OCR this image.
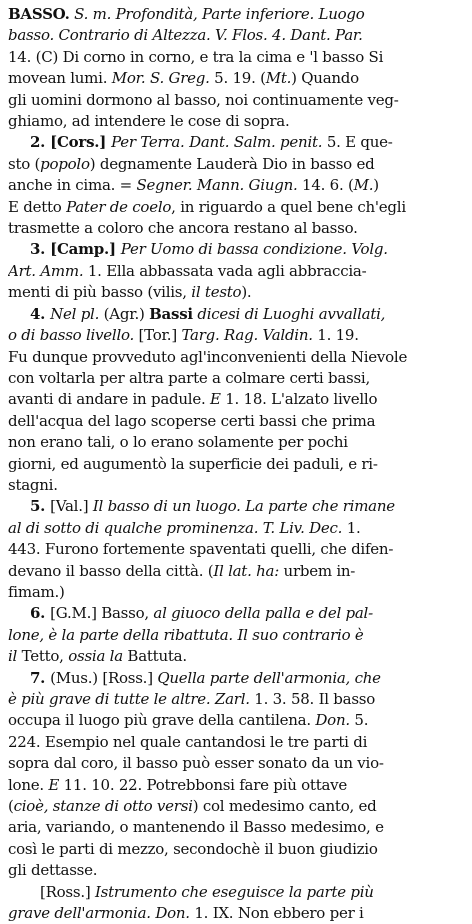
BASSO. S. m. Profondità, Parte inferiore. Luogo
basso. Contrario di Altezza. V. Flos. 4. Dant. Par.
14. (C) Di corno in corno, e tra la cima e 'l basso Si
movean lumi. Mor. S. Greg. 5. 19. (Mt.) Quando
gli uomini dormono al basso, noi continuamente veg-
ghiamo, ad intendere le cose di sopra.
2. [Cors.] Per Terra. Dant. Salm. penit. 5. E que-
sto (popolo) degnamente Lauderà Dio in basso ed
anche in cima. = Segner. Mann. Giugn. 14. 6. (M.)
E detto Pater de coelo, in riguardo a quel bene ch'egli
trasmette a coloro che ancora restano al basso.
3. [Camp.] Per Uomo di bassa condizione. Volg.
Art. Amm. 1. Ella abbassata vada agli abbraccia-
menti di più basso (vilis, il testo).
4. Nel pl. (Agr.) Bassi dicesi di Luoghi avvallati,
o di basso livello. [Tor.] Targ. Rag. Valdin. 1. 19.
Fu dunque provveduto agl'inconvenienti della Nievole
con voltarla per altra parte a colmare certi bassi,
avanti di andare in padule. E 1. 18. L'alzato livello
dell'acqua del lago scoperse certi bassi che prima
non erano tali, o lo erano solamente per pochi
giorni, ed augumentò la superficie dei paduli, e ri-
stagni.
5. [Val.] Il basso di un luogo. La parte che rimane
al di sotto di qualche prominenza. T. Liv. Dec. 1.
443. Furono fortemente spaventati quelli, che difen-
devano il basso della città. (Il lat. ha: urbem in-
fimam.)
6. [G.M.] Basso, al giuoco della palla e del pal-
lone, è la parte della ribattuta. Il suo contrario è
il Tetto, ossia la Battuta.
7. (Mus.) [Ross.] Quella parte dell'armonia, che
è più grave di tutte le altre. Zarl. 1. 3. 58. Il basso
occupa il luogo più grave della cantilena. Don. 5.
224. Esempio nel quale cantandosi le tre parti di
sopra dal coro, il basso può esser sonato da un vio-
lone. E 11. 10. 22. Potrebbonsi fare più ottave
(cioè, stanze di otto versi) col medesimo canto, ed
aria, variando, o mantenendo il Basso medesimo, e
così le parti di mezzo, secondochè il buon giudizio
gli dettasse.
[Ross.] Istrumento che eseguisce la parte più
grave dell'armonia. Don. 1. IX. Non ebbero per i
